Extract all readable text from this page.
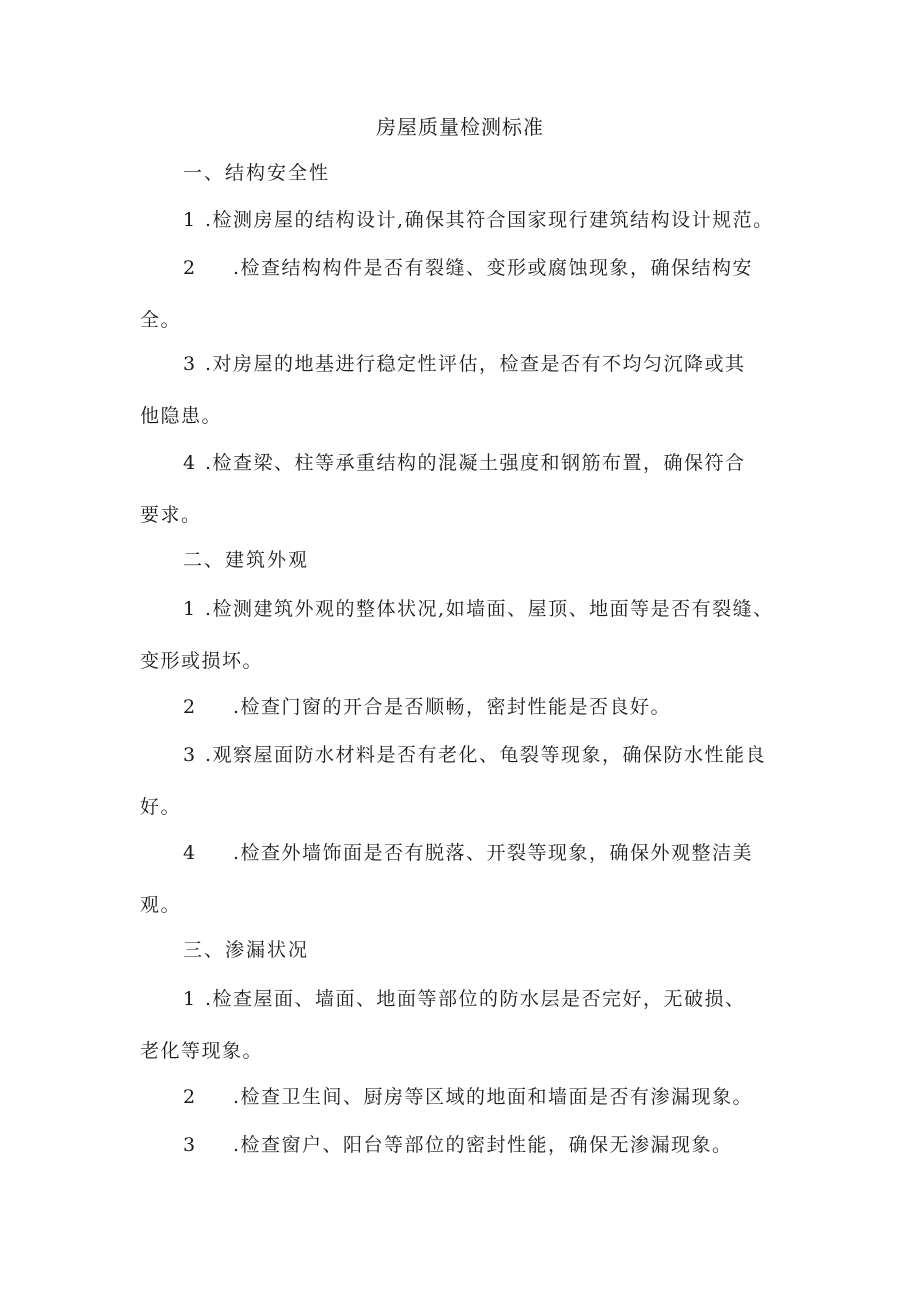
房屋质量检测标准
一、结构安全性
1 .检测房屋的结构设计,确保其符合国家现行建筑结构设计规范。
2 .检查结构构件是否有裂缝、变形或腐蚀现象，确保结构安
全。
3 .对房屋的地基进行稳定性评估，检查是否有不均匀沉降或其
他隐患。
4 .检查梁、柱等承重结构的混凝土强度和钢筋布置，确保符合
要求。
二、建筑外观
1 .检测建筑外观的整体状况,如墙面、屋顶、地面等是否有裂缝、
变形或损坏。
2 .检查门窗的开合是否顺畅，密封性能是否良好。
3 .观察屋面防水材料是否有老化、龟裂等现象，确保防水性能良
好。
4 .检查外墙饰面是否有脱落、开裂等现象，确保外观整洁美
观。
三、渗漏状况
1 .检查屋面、墙面、地面等部位的防水层是否完好，无破损、
老化等现象。
2 .检查卫生间、厨房等区域的地面和墙面是否有渗漏现象。
3 .检查窗户、阳台等部位的密封性能，确保无渗漏现象。
